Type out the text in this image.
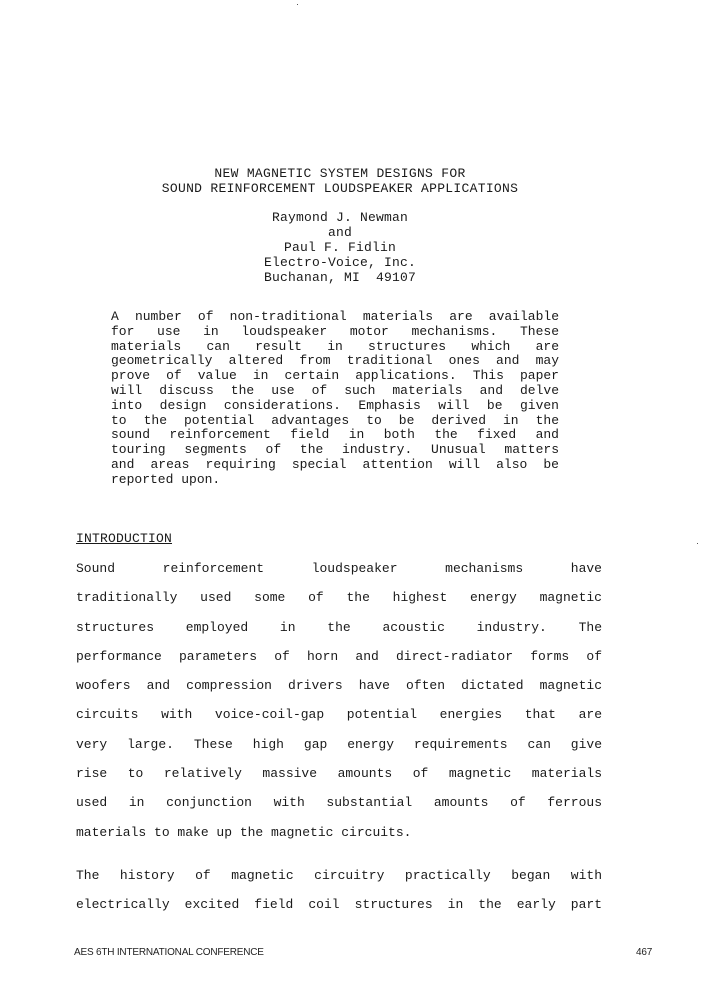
NEW MAGNETIC SYSTEM DESIGNS FOR
SOUND REINFORCEMENT LOUDSPEAKER APPLICATIONS
Raymond J. Newman
and
Paul F. Fidlin
Electro-Voice, Inc.
Buchanan, MI  49107
A number of non-traditional materials are available
for use in loudspeaker motor mechanisms. These
materials can result in structures which are
geometrically altered from traditional ones and may
prove of value in certain applications. This paper
will discuss the use of such materials and delve
into design considerations. Emphasis will be given
to the potential advantages to be derived in the
sound reinforcement field in both the fixed and
touring segments of the industry. Unusual matters
and areas requiring special attention will also be
reported upon.
INTRODUCTION
Sound reinforcement loudspeaker mechanisms have
traditionally used some of the highest energy magnetic
structures employed in the acoustic industry. The
performance parameters of horn and direct-radiator forms of
woofers and compression drivers have often dictated magnetic
circuits with voice-coil-gap potential energies that are
very large. These high gap energy requirements can give
rise to relatively massive amounts of magnetic materials
used in conjunction with substantial amounts of ferrous
materials to make up the magnetic circuits.
The history of magnetic circuitry practically began with
electrically excited field coil structures in the early part
AES 6TH INTERNATIONAL CONFERENCE	467
